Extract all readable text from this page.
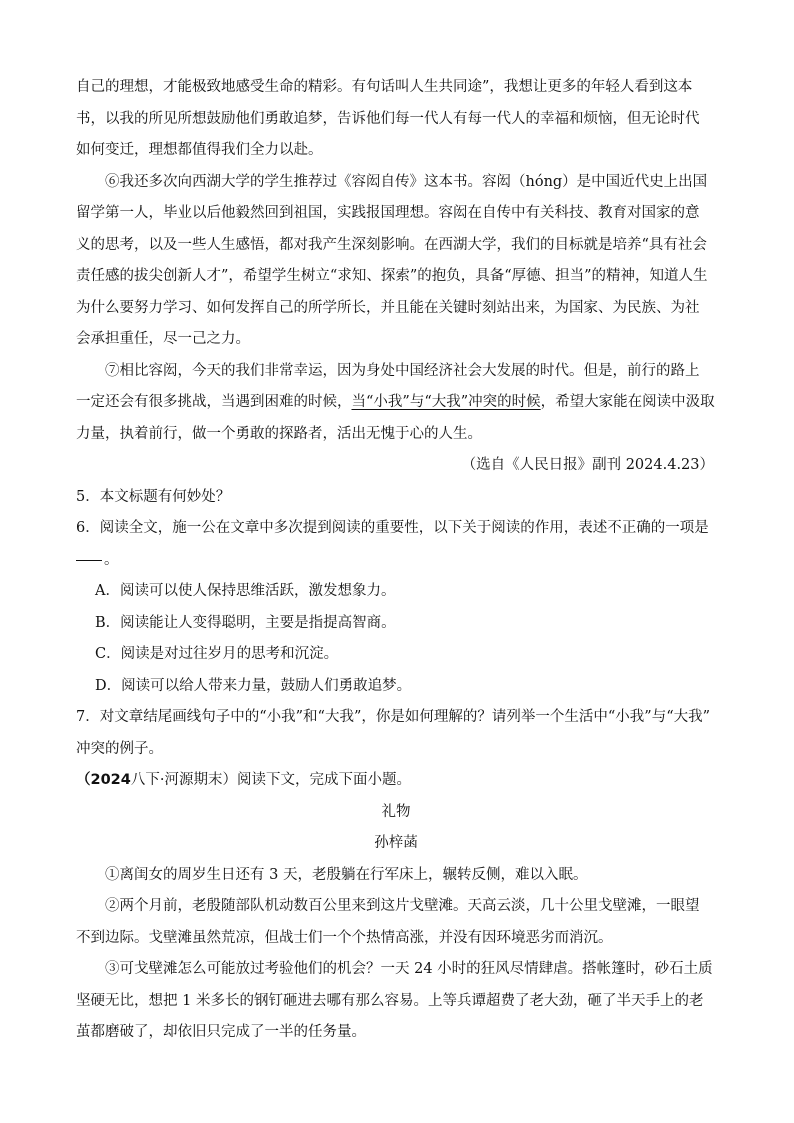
自己的理想，才能极致地感受生命的精彩。有句话叫人生共同途”，我想让更多的年轻人看到这本
书，以我的所见所想鼓励他们勇敢追梦，告诉他们每一代人有每一代人的幸福和烦恼，但无论时代
如何变迁，理想都值得我们全力以赴。
⑥我还多次向西湖大学的学生推荐过《容闳自传》这本书。容闳（hóng）是中国近代史上出国
留学第一人，毕业以后他毅然回到祖国，实践报国理想。容闳在自传中有关科技、教育对国家的意
义的思考，以及一些人生感悟，都对我产生深刻影响。在西湖大学，我们的目标就是培养“具有社会
责任感的拔尖创新人才”，希望学生树立“求知、探索”的抱负，具备“厚德、担当”的精神，知道人生
为什么要努力学习、如何发挥自己的所学所长，并且能在关键时刻站出来，为国家、为民族、为社
会承担重任，尽一己之力。
⑦相比容闳，今天的我们非常幸运，因为身处中国经济社会大发展的时代。但是，前行的路上
一定还会有很多挑战，当遇到困难的时候，当“小我”与“大我”冲突的时候，希望大家能在阅读中汲取
力量，执着前行，做一个勇敢的探路者，活出无愧于心的人生。
（选自《人民日报》副刊 2024.4.23）
5．本文标题有何妙处？
6．阅读全文，施一公在文章中多次提到阅读的重要性，以下关于阅读的作用，表述不正确的一项是
。
A．阅读可以使人保持思维活跃，激发想象力。
B．阅读能让人变得聪明，主要是指提高智商。
C．阅读是对过往岁月的思考和沉淀。
D．阅读可以给人带来力量，鼓励人们勇敢追梦。
7．对文章结尾画线句子中的“小我”和“大我”，你是如何理解的？请列举一个生活中“小我”与“大我”
冲突的例子。
（2024八下·河源期末）阅读下文，完成下面小题。
礼物
孙梓菡
①离闺女的周岁生日还有 3 天，老殷躺在行军床上，辗转反侧，难以入眠。
②两个月前，老殷随部队机动数百公里来到这片戈壁滩。天高云淡，几十公里戈壁滩，一眼望
不到边际。戈壁滩虽然荒凉，但战士们一个个热情高涨，并没有因环境恶劣而消沉。
③可戈壁滩怎么可能放过考验他们的机会？一天 24 小时的狂风尽情肆虐。搭帐篷时，砂石土质
坚硬无比，想把 1 米多长的钢钉砸进去哪有那么容易。上等兵谭超费了老大劲，砸了半天手上的老
茧都磨破了，却依旧只完成了一半的任务量。
